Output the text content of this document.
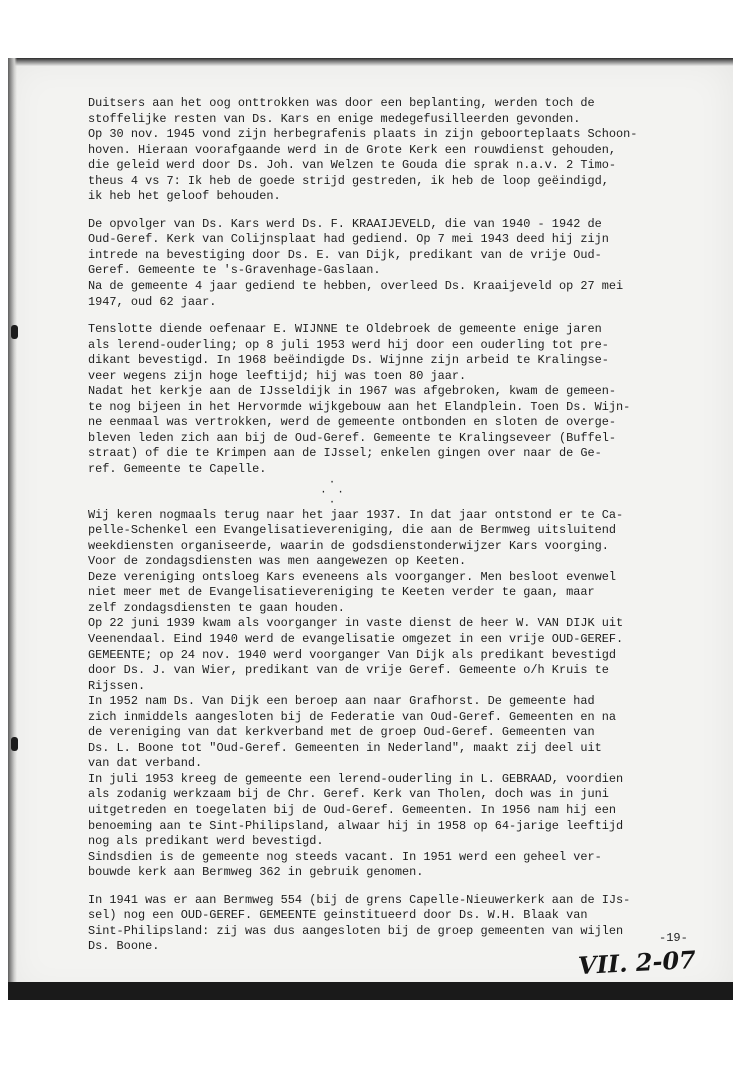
Duitsers aan het oog onttrokken was door een beplanting, werden toch de

stoffelijke resten van Ds. Kars en enige medegefusilleerden gevonden.

Op 30 nov. 1945 vond zijn herbegrafenis plaats in zijn geboorteplaats Schoon-

hoven. Hieraan voorafgaande werd in de Grote Kerk een rouwdienst gehouden,

die geleid werd door Ds. Joh. van Welzen te Gouda die sprak n.a.v. 2 Timo-

theus 4 vs 7: Ik heb de goede strijd gestreden, ik heb de loop geëindigd,

ik heb het geloof behouden.

De opvolger van Ds. Kars werd Ds. F. KRAAIJEVELD, die van 1940 - 1942 de

Oud-Geref. Kerk van Colijnsplaat had gediend. Op 7 mei 1943 deed hij zijn

intrede na bevestiging door Ds. E. van Dijk, predikant van de vrije Oud-

Geref. Gemeente te 's-Gravenhage-Gaslaan.

Na de gemeente 4 jaar gediend te hebben, overleed Ds. Kraaijeveld op 27 mei

1947, oud 62 jaar.

Tenslotte diende oefenaar E. WIJNNE te Oldebroek de gemeente enige jaren

als lerend-ouderling; op 8 juli 1953 werd hij door een ouderling tot pre-

dikant bevestigd. In 1968 beëindigde Ds. Wijnne zijn arbeid te Kralingse-

veer wegens zijn hoge leeftijd; hij was toen 80 jaar.

Nadat het kerkje aan de IJsseldijk in 1967 was afgebroken, kwam de gemeen-

te nog bijeen in het Hervormde wijkgebouw aan het Elandplein. Toen Ds. Wijn-

ne eenmaal was vertrokken, werd de gemeente ontbonden en sloten de overge-

bleven leden zich aan bij de Oud-Geref. Gemeente te Kralingseveer (Buffel-

straat) of die te Krimpen aan de IJssel; enkelen gingen over naar de Ge-

ref. Gemeente te Capelle.

·
· ·
·

Wij keren nogmaals terug naar het jaar 1937. In dat jaar ontstond er te Ca-

pelle-Schenkel een Evangelisatievereniging, die aan de Bermweg uitsluitend

weekdiensten organiseerde, waarin de godsdienstonderwijzer Kars voorging.

Voor de zondagsdiensten was men aangewezen op Keeten.

Deze vereniging ontsloeg Kars eveneens als voorganger. Men besloot evenwel

niet meer met de Evangelisatievereniging te Keeten verder te gaan, maar

zelf zondagsdiensten te gaan houden.

Op 22 juni 1939 kwam als voorganger in vaste dienst de heer W. VAN DIJK uit

Veenendaal. Eind 1940 werd de evangelisatie omgezet in een vrije OUD-GEREF.

GEMEENTE; op 24 nov. 1940 werd voorganger Van Dijk als predikant bevestigd

door Ds. J. van Wier, predikant van de vrije Geref. Gemeente o/h Kruis te

Rijssen.

In 1952 nam Ds. Van Dijk een beroep aan naar Grafhorst. De gemeente had

zich inmiddels aangesloten bij de Federatie van Oud-Geref. Gemeenten en na

de vereniging van dat kerkverband met de groep Oud-Geref. Gemeenten van

Ds. L. Boone tot "Oud-Geref. Gemeenten in Nederland", maakt zij deel uit

van dat verband.

In juli 1953 kreeg de gemeente een lerend-ouderling in L. GEBRAAD, voordien

als zodanig werkzaam bij de Chr. Geref. Kerk van Tholen, doch was in juni

uitgetreden en toegelaten bij de Oud-Geref. Gemeenten. In 1956 nam hij een

benoeming aan te Sint-Philipsland, alwaar hij in 1958 op 64-jarige leeftijd

nog als predikant werd bevestigd.

Sindsdien is de gemeente nog steeds vacant. In 1951 werd een geheel ver-

bouwde kerk aan Bermweg 362 in gebruik genomen.

In 1941 was er aan Bermweg 554 (bij de grens Capelle-Nieuwerkerk aan de IJs-

sel) nog een OUD-GEREF. GEMEENTE geinstitueerd door Ds. W.H. Blaak van

Sint-Philipsland: zij was dus aangesloten bij de groep gemeenten van wijlen

Ds. Boone.

-19-
VII. 2-07
